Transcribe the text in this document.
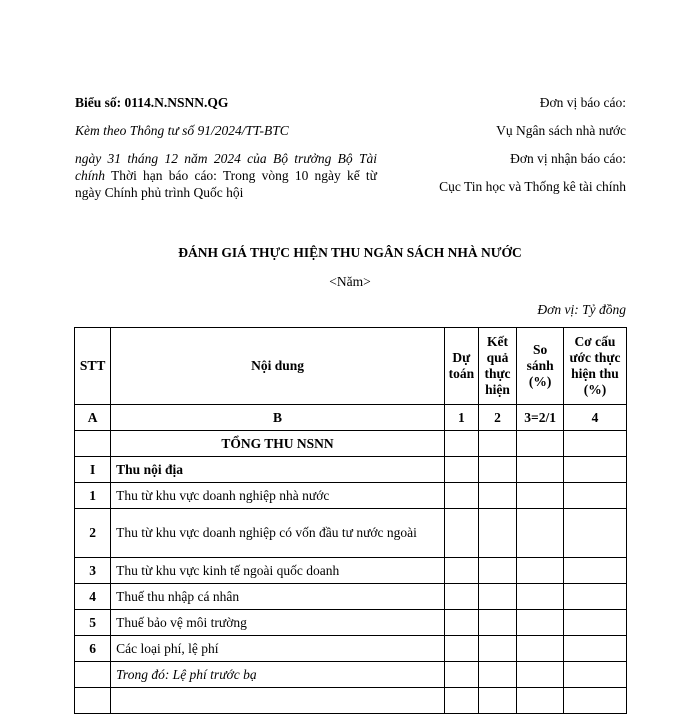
Biểu số: 0114.N.NSNN.QG
Kèm theo Thông tư số 91/2024/TT-BTC
ngày 31 tháng 12 năm 2024 của Bộ trưởng Bộ Tài chính Thời hạn báo cáo: Trong vòng 10 ngày kể từ ngày Chính phủ trình Quốc hội
Đơn vị báo cáo:
Vụ Ngân sách nhà nước
Đơn vị nhận báo cáo:
Cục Tin học và Thống kê tài chính
ĐÁNH GIÁ THỰC HIỆN THU NGÂN SÁCH NHÀ NƯỚC
<Năm>
Đơn vị: Tỷ đồng
STT	Nội dung	Dự toán	Kết quả thực hiện	So sánh (%)	Cơ cấu ước thực hiện thu (%)
A	B	1	2	3=2/1	4
	TỔNG THU NSNN				
I	Thu nội địa				
1	Thu từ khu vực doanh nghiệp nhà nước				
2	Thu từ khu vực doanh nghiệp có vốn đầu tư nước ngoài				
3	Thu từ khu vực kinh tế ngoài quốc doanh				
4	Thuế thu nhập cá nhân				
5	Thuế bảo vệ môi trường				
6	Các loại phí, lệ phí				
	Trong đó: Lệ phí trước bạ				
